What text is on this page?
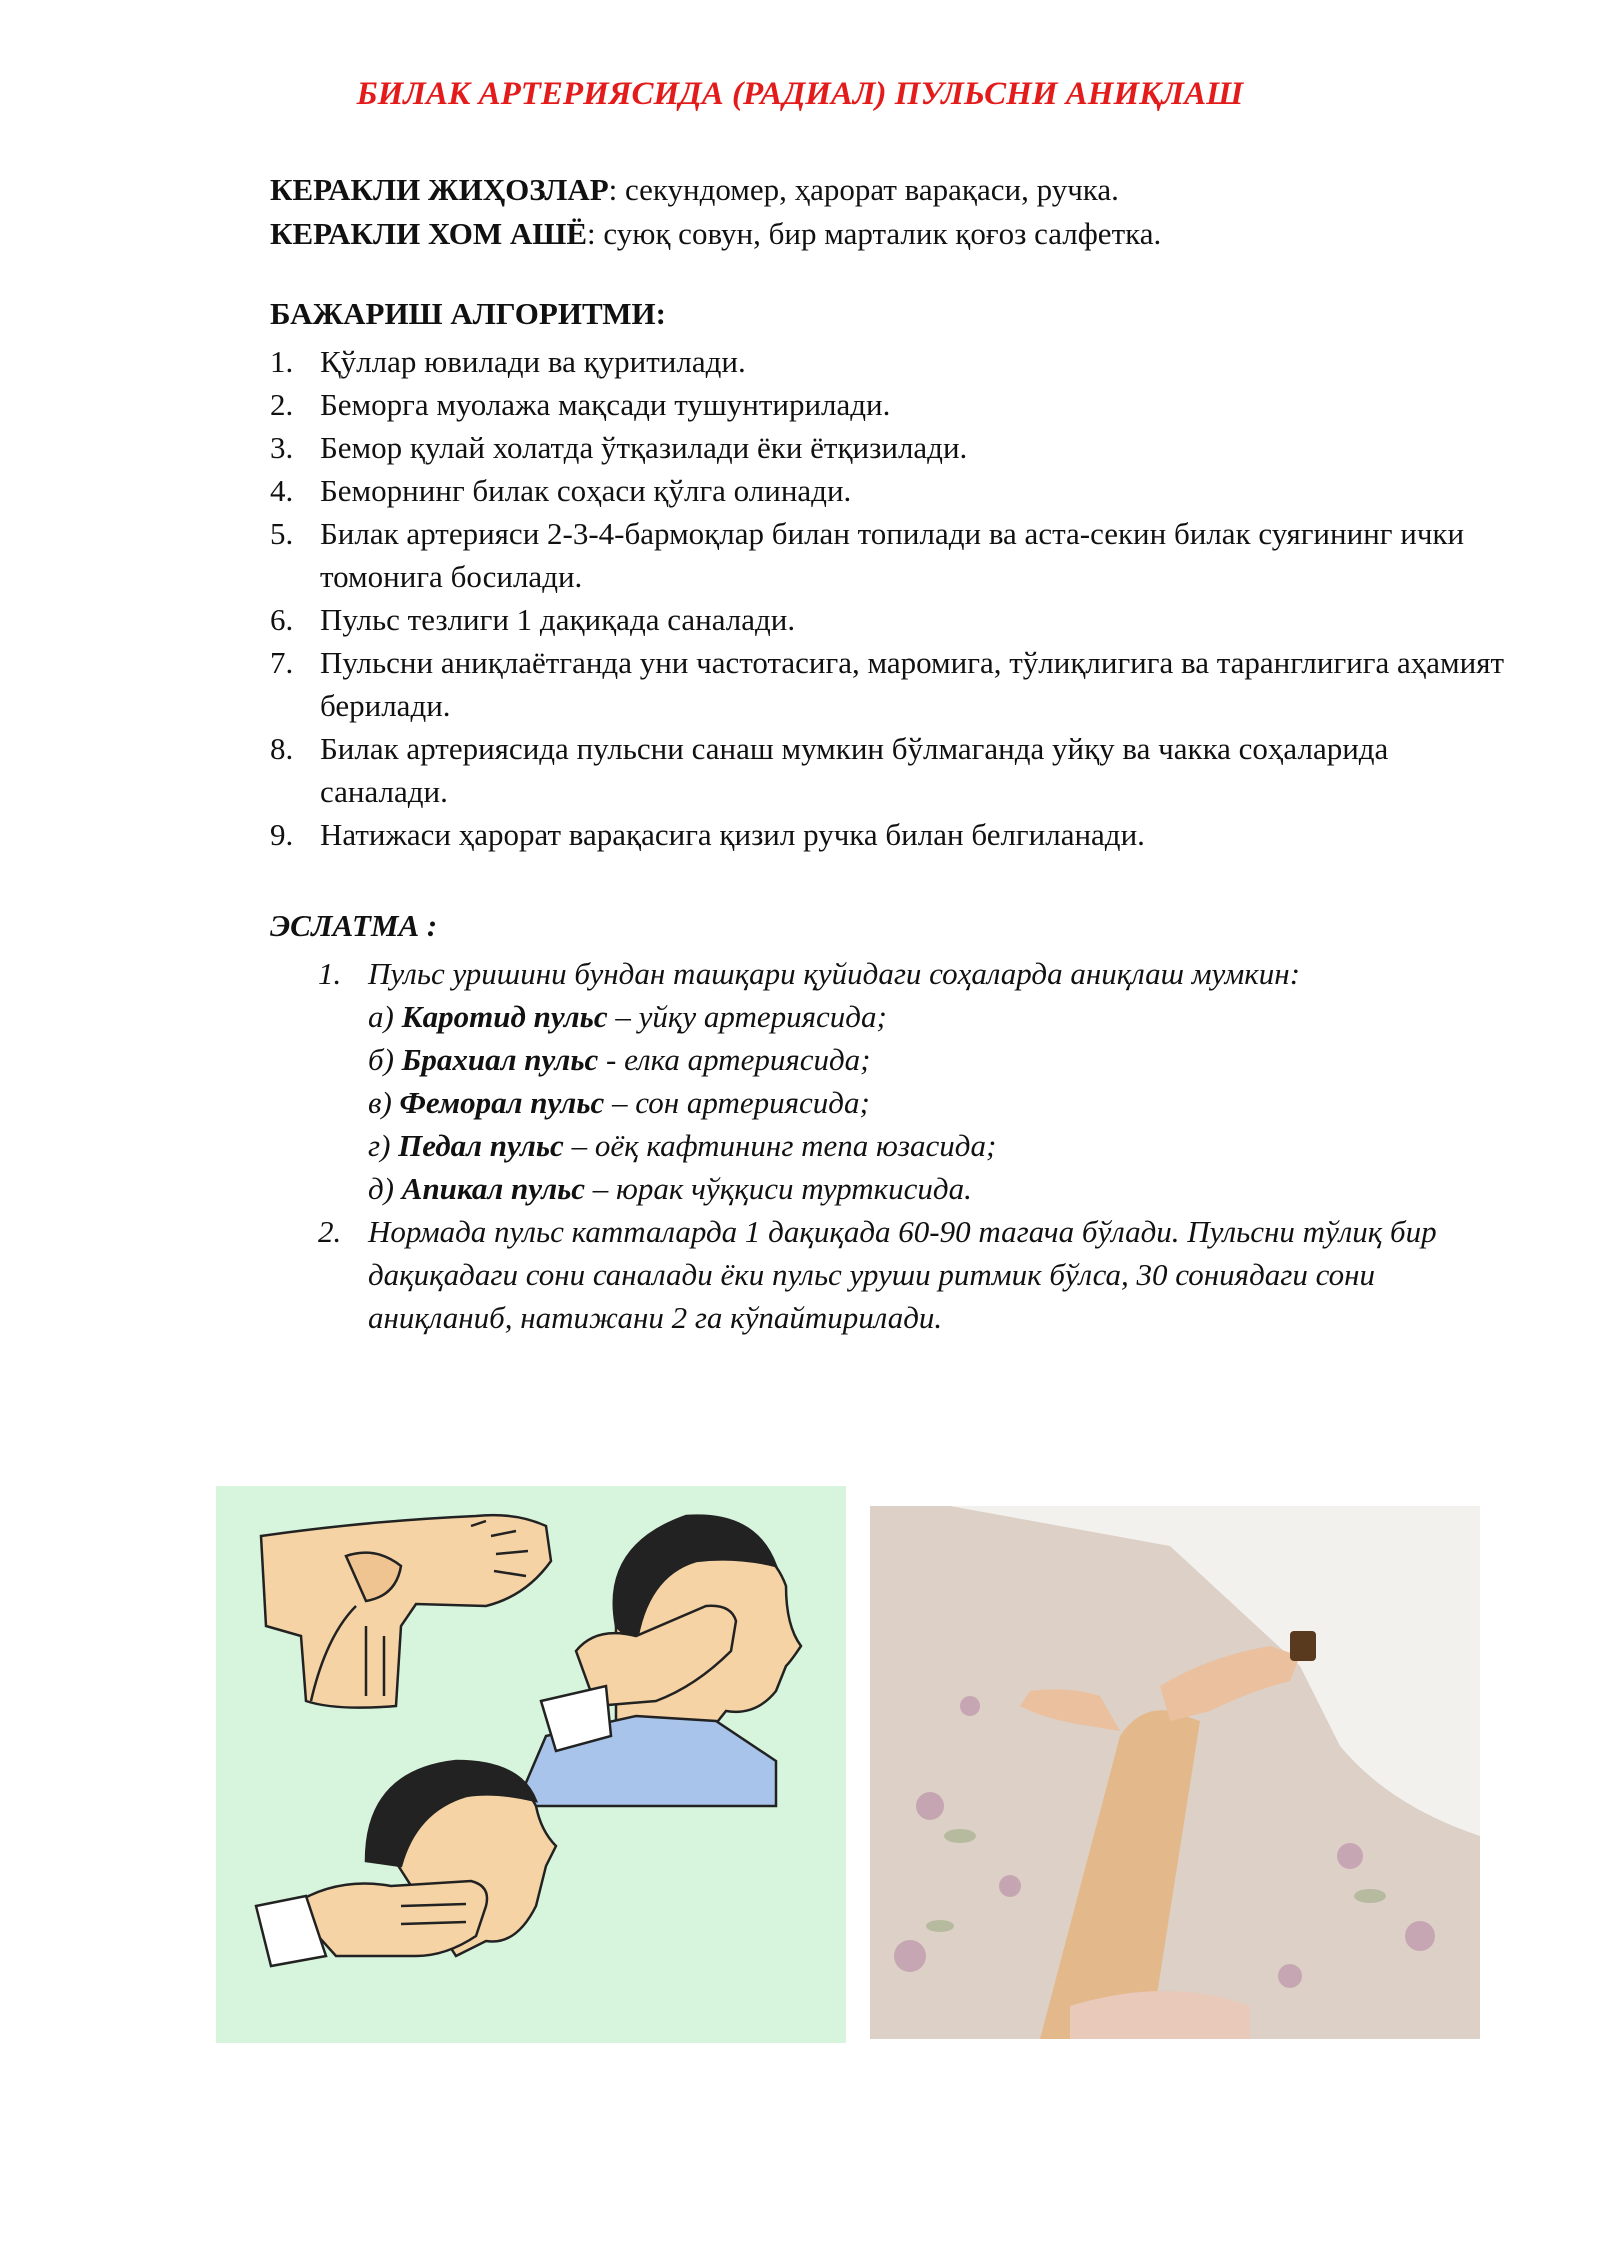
БИЛАК АРТЕРИЯСИДА (РАДИАЛ) ПУЛЬСНИ АНИҚЛАШ
КЕРАКЛИ ЖИҲОЗЛАР: секундомер, ҳарорат варақаси, ручка.
КЕРАКЛИ ХОМ АШЁ: суюқ совун, бир марталик қоғоз салфетка.
БАЖАРИШ АЛГОРИТМИ:
1. Қўллар ювилади ва қуритилади.
2. Беморга муолажа мақсади тушунтирилади.
3. Бемор қулай холатда ўтқазилади ёки ётқизилади.
4. Беморнинг билак соҳаси қўлга олинади.
5. Билак артерияси 2-3-4-бармоқлар билан топилади ва аста-секин билак суягининг ички томонига босилади.
6. Пульс тезлиги 1 дақиқада саналади.
7. Пульсни аниқлаётганда уни частотасига, маромига, тўлиқлигига ва таранглигига аҳамият берилади.
8. Билак артериясида пульсни санаш мумкин бўлмаганда уйқу ва чакка соҳаларида саналади.
9. Натижаси ҳарорат варақасига қизил ручка билан белгиланади.
ЭСЛАТМА :
1. Пульс уришини бундан ташқари қуйидаги соҳаларда аниқлаш мумкин:
а) Каротид пульс – уйқу артериясида;
б) Брахиал пульс - елка артериясида;
в) Феморал пульс – сон артериясида;
г) Педал пульс – оёқ кафтининг тепа юзасида;
д) Апикал пульс – юрак чўққиси турткисида.
2. Нормада пульс катталарда 1 дақиқада 60-90 тагача бўлади. Пульсни тўлиқ бир дақиқадаги сони саналади ёки пульс уруши ритмик бўлса, 30 сониядаги сони аниқланиб, натижани 2 га кўпайтирилади.
